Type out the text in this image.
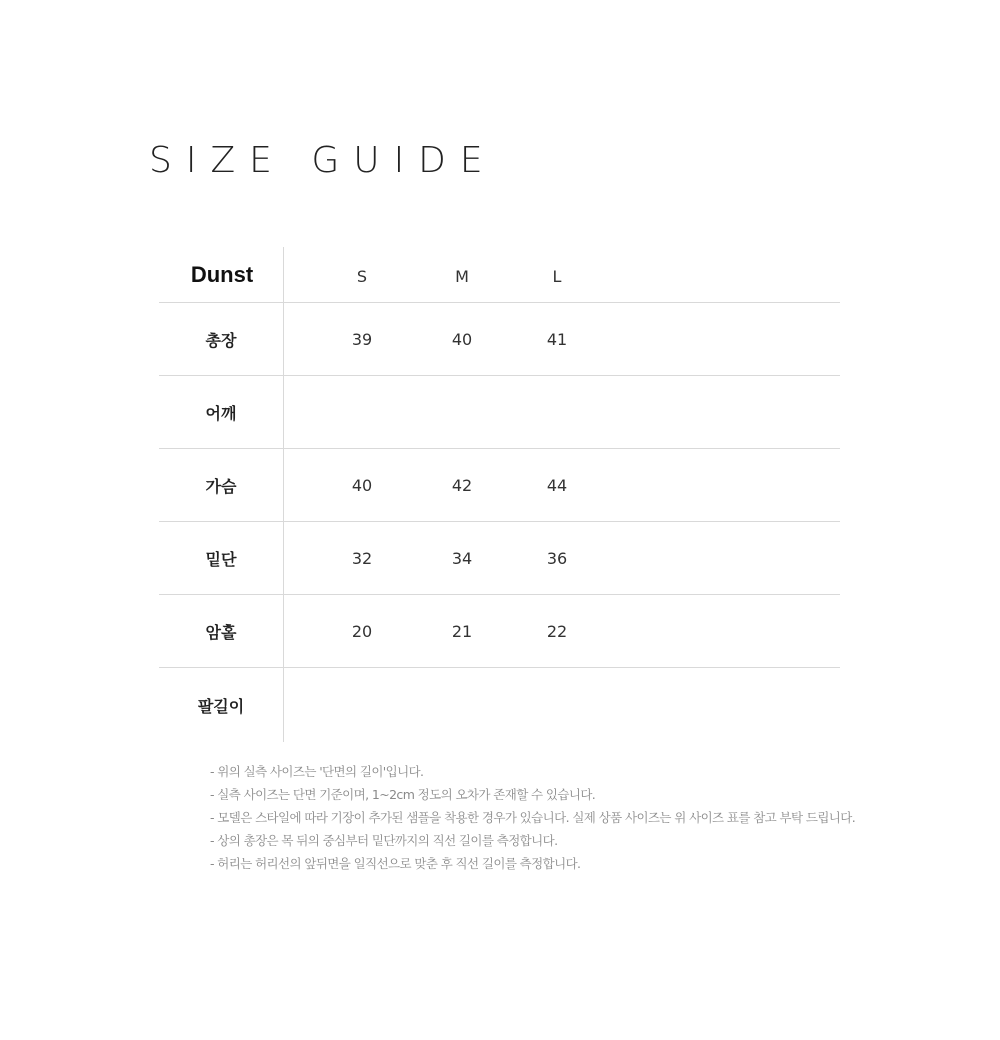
SIZE GUIDE
Dunst	S	M	L
총장	39	40	41
어깨
가슴	40	42	44
밑단	32	34	36
암홀	20	21	22
팔길이
- 위의 실측 사이즈는 '단면의 길이'입니다.
- 실측 사이즈는 단면 기준이며, 1~2cm 정도의 오차가 존재할 수 있습니다.
- 모델은 스타일에 따라 기장이 추가된 샘플을 착용한 경우가 있습니다. 실제 상품 사이즈는 위 사이즈 표를 참고 부탁 드립니다.
- 상의 총장은 목 뒤의 중심부터 밑단까지의 직선 길이를 측정합니다.
- 허리는 허리선의 앞뒤면을 일직선으로 맞춘 후 직선 길이를 측정합니다.
